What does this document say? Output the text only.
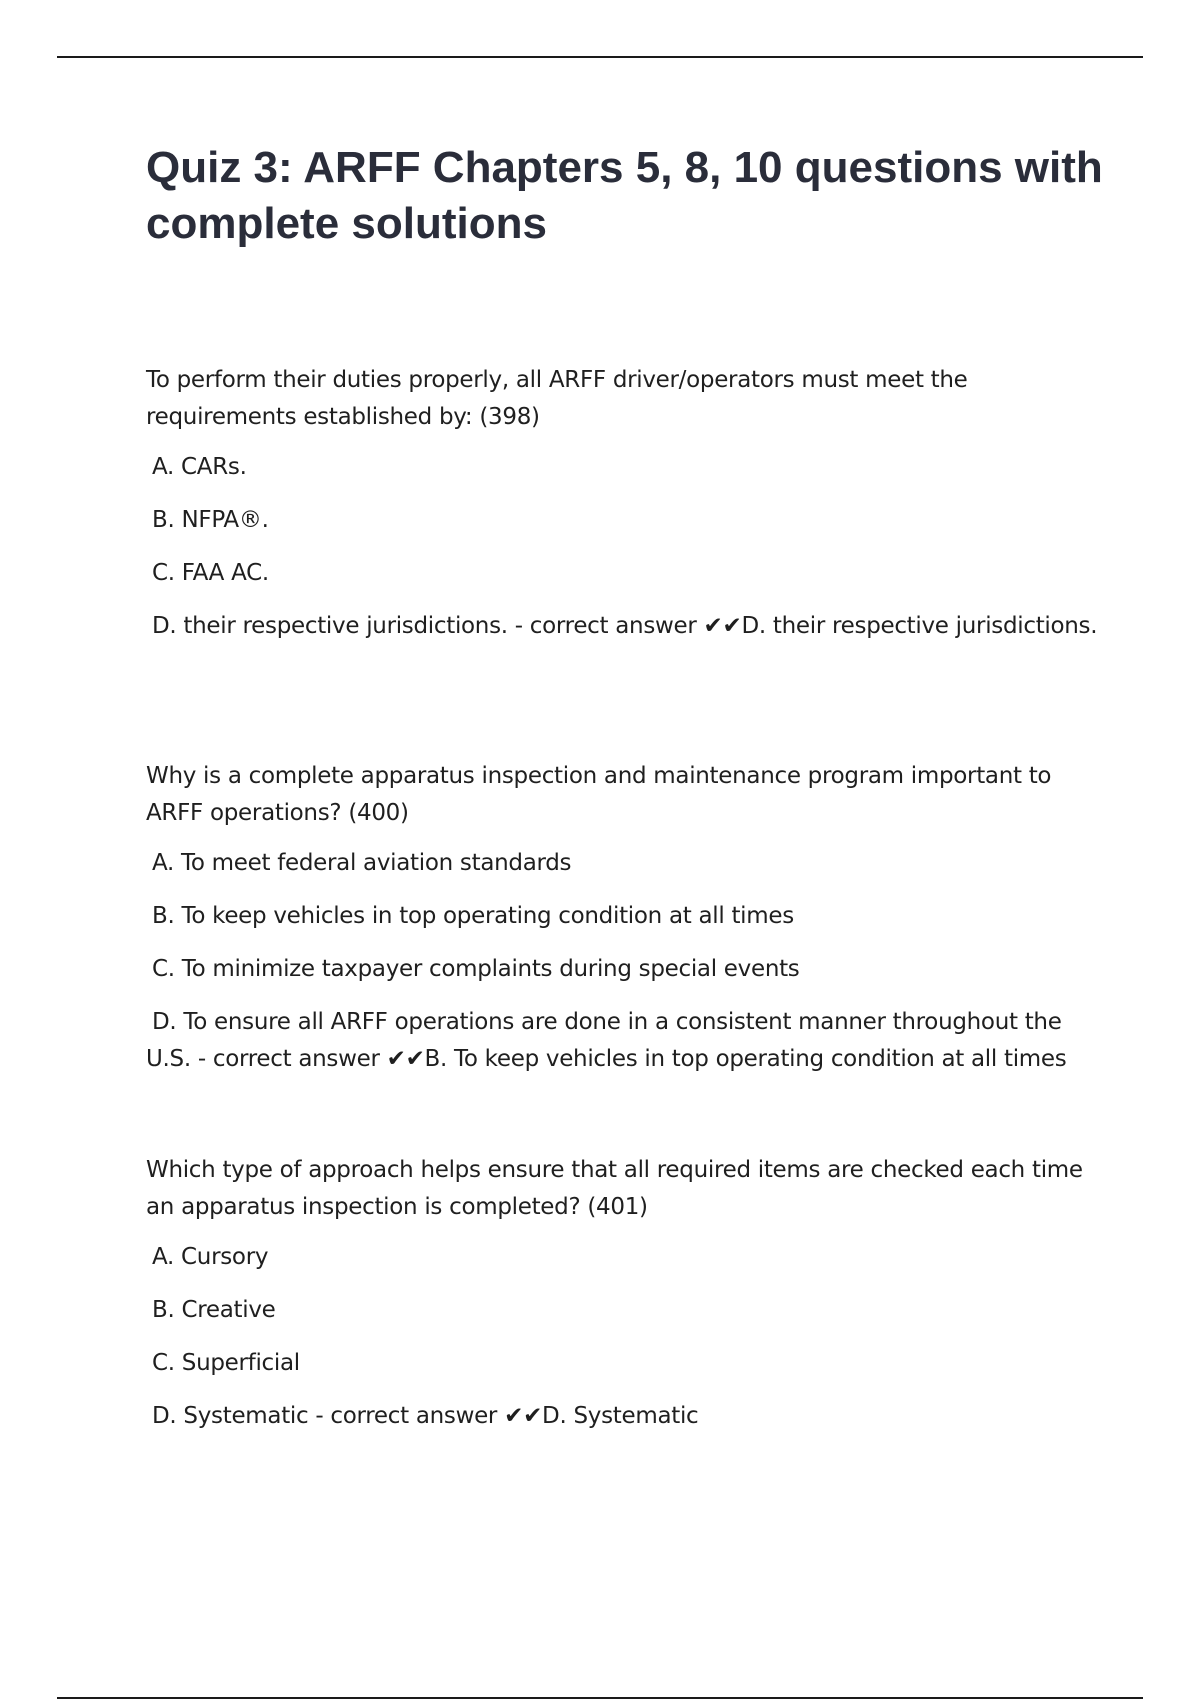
Quiz 3: ARFF Chapters 5, 8, 10 questions with complete solutions

To perform their duties properly, all ARFF driver/operators must meet the requirements established by: (398)

A. CARs.

B. NFPA®.

C. FAA AC.

D. their respective jurisdictions. - correct answer ✔✔D. their respective jurisdictions.

Why is a complete apparatus inspection and maintenance program important to ARFF operations? (400)

A. To meet federal aviation standards

B. To keep vehicles in top operating condition at all times

C. To minimize taxpayer complaints during special events

D. To ensure all ARFF operations are done in a consistent manner throughout the U.S. - correct answer ✔✔B. To keep vehicles in top operating condition at all times

Which type of approach helps ensure that all required items are checked each time an apparatus inspection is completed? (401)

A. Cursory

B. Creative

C. Superficial

D. Systematic - correct answer ✔✔D. Systematic
